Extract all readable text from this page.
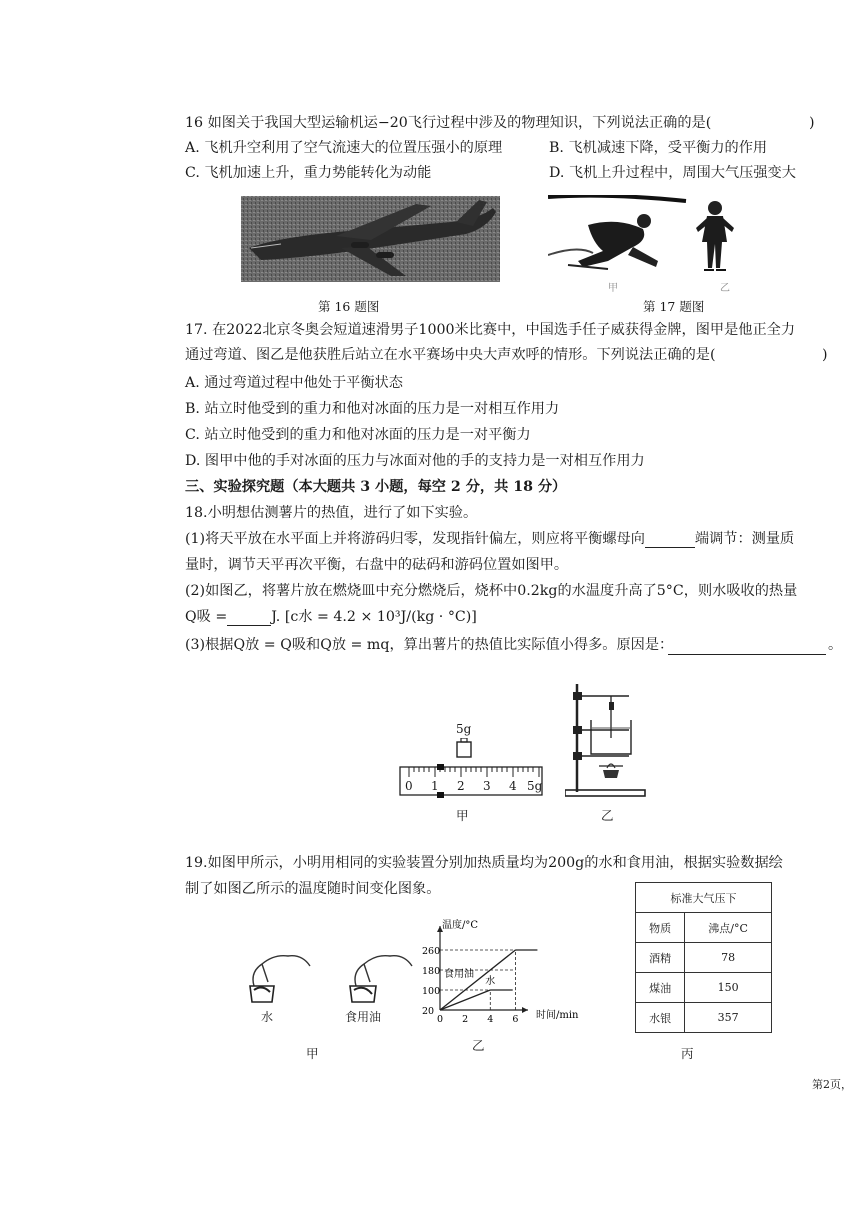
16 如图关于我国大型运输机运−20飞行过程中涉及的物理知识，下列说法正确的是(	)
A. 飞机升空利用了空气流速大的位置压强小的原理	B. 飞机减速下降，受平衡力的作用
C. 飞机加速上升，重力势能转化为动能	D. 飞机上升过程中，周围大气压强变大
甲	乙
第 16 题图	第 17 题图
17. 在2022北京冬奥会短道速滑男子1000米比赛中，中国选手任子威获得金牌，图甲是他正全力
通过弯道、图乙是他获胜后站立在水平赛场中央大声欢呼的情形。下列说法正确的是(	)
A. 通过弯道过程中他处于平衡状态
B. 站立时他受到的重力和他对冰面的压力是一对相互作用力
C. 站立时他受到的重力和他对冰面的压力是一对平衡力
D. 图甲中他的手对冰面的压力与冰面对他的手的支持力是一对相互作用力
三、实验探究题（本大题共 3 小题，每空 2 分，共 18 分）
18.小明想估测薯片的热值，进行了如下实验。
(1)将天平放在水平面上并将游码归零，发现指针偏左，则应将平衡螺母向	端调节：测量质
量时，调节天平再次平衡，右盘中的砝码和游码位置如图甲。
(2)如图乙，将薯片放在燃烧皿中充分燃烧后，烧杯中0.2kg的水温度升高了5°C，则水吸收的热量
Q吸 =	J. [c水 = 4.2 × 10³J/(kg · °C)]
(3)根据Q放 = Q吸和Q放 = mq，算出薯片的热值比实际值小得多。原因是：	。
5g
0 1 2 3 4 5g
甲	乙
19.如图甲所示，小明用相同的实验装置分别加热质量均为200g的水和食用油，根据实验数据绘
制了如图乙所示的温度随时间变化图象。
水	食用油
甲
温度/°C
时间/min
0 2 4 6
20
100
180
260
食用油
水
乙
标准大气压下	
物质	沸点/°C
酒精	78
煤油	150
水银	357
丙
第2页，
